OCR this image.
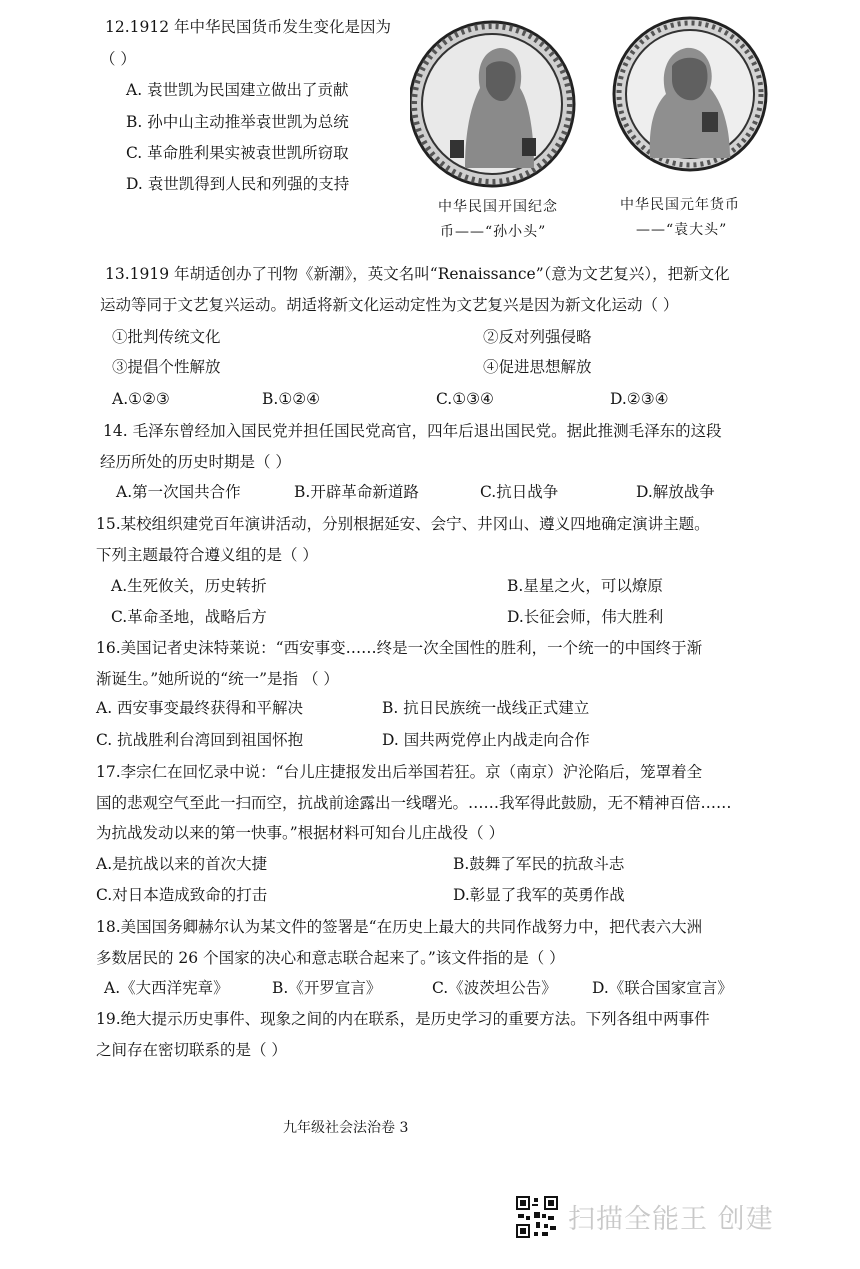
12.1912 年中华民国货币发生变化是因为
（ ）
A. 袁世凯为民国建立做出了贡献
B. 孙中山主动推举袁世凯为总统
C. 革命胜利果实被袁世凯所窃取
D. 袁世凯得到人民和列强的支持
中华民国开国纪念
币——“孙小头”
中华民国元年货币
——“袁大头”
13.1919 年胡适创办了刊物《新潮》，英文名叫“Renaissance”（意为文艺复兴），把新文化
运动等同于文艺复兴运动。胡适将新文化运动定性为文艺复兴是因为新文化运动（ ）
①批判传统文化	②反对列强侵略
③提倡个性解放	④促进思想解放
A.①②③	B.①②④	C.①③④	D.②③④
14. 毛泽东曾经加入国民党并担任国民党高官，四年后退出国民党。据此推测毛泽东的这段
经历所处的历史时期是（ ）
A.第一次国共合作	B.开辟革命新道路	C.抗日战争	D.解放战争
15.某校组织建党百年演讲活动，分别根据延安、会宁、井冈山、遵义四地确定演讲主题。
下列主题最符合遵义组的是（ ）
A.生死攸关，历史转折	B.星星之火，可以燎原
C.革命圣地，战略后方	D.长征会师，伟大胜利
16.美国记者史沫特莱说：“西安事变……终是一次全国性的胜利，一个统一的中国终于渐
渐诞生。”她所说的“统一”是指 （ ）
A. 西安事变最终获得和平解决	B. 抗日民族统一战线正式建立
C. 抗战胜利台湾回到祖国怀抱	D. 国共两党停止内战走向合作
17.李宗仁在回忆录中说：“台儿庄捷报发出后举国若狂。京（南京）沪沦陷后，笼罩着全
国的悲观空气至此一扫而空，抗战前途露出一线曙光。……我军得此鼓励，无不精神百倍……
为抗战发动以来的第一快事。”根据材料可知台儿庄战役（ ）
A.是抗战以来的首次大捷	B.鼓舞了军民的抗敌斗志
C.对日本造成致命的打击	D.彰显了我军的英勇作战
18.美国国务卿赫尔认为某文件的签署是“在历史上最大的共同作战努力中，把代表六大洲
多数居民的 26 个国家的决心和意志联合起来了。”该文件指的是（ ）
A.《大西洋宪章》	B.《开罗宣言》	C.《波茨坦公告》 D.《联合国家宣言》
19.绝大提示历史事件、现象之间的内在联系，是历史学习的重要方法。下列各组中两事件
之间存在密切联系的是（ ）
九年级社会法治卷 3
扫描全能王 创建
